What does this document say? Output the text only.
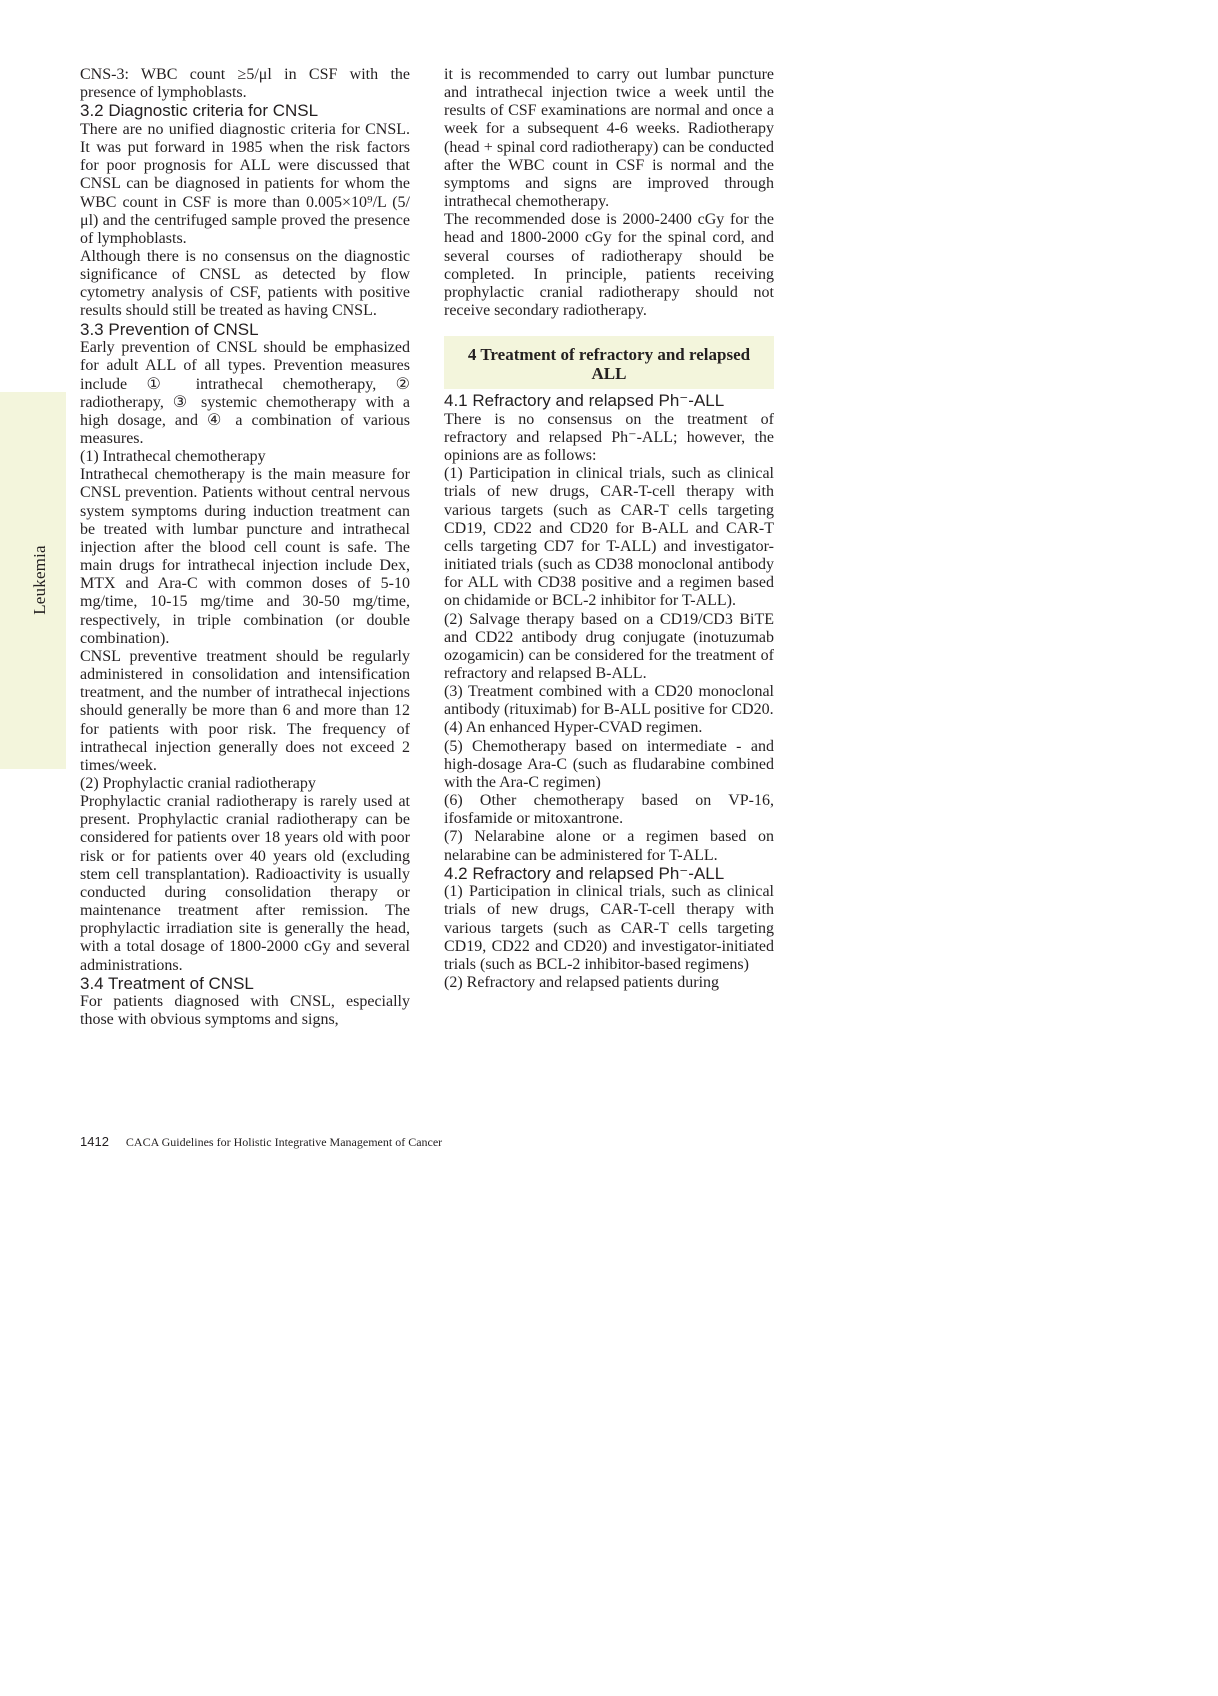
Leukemia

CNS-3: WBC count ≥5/μl in CSF with the presence of lymphoblasts.

3.2 Diagnostic criteria for CNSL

There are no unified diagnostic criteria for CNSL. It was put forward in 1985 when the risk factors for poor prognosis for ALL were discussed that CNSL can be diagnosed in patients for whom the WBC count in CSF is more than 0.005×10⁹/L (5/μl) and the centrifuged sample proved the presence of lymphoblasts.

Although there is no consensus on the diagnostic significance of CNSL as detected by flow cytometry analysis of CSF, patients with positive results should still be treated as having CNSL.

3.3 Prevention of CNSL

Early prevention of CNSL should be emphasized for adult ALL of all types. Prevention measures include ① intrathecal chemotherapy, ② radiotherapy, ③ systemic chemotherapy with a high dosage, and ④ a combination of various measures.

(1) Intrathecal chemotherapy

Intrathecal chemotherapy is the main measure for CNSL prevention. Patients without central nervous system symptoms during induction treatment can be treated with lumbar puncture and intrathecal injection after the blood cell count is safe. The main drugs for intrathecal injection include Dex, MTX and Ara-C with common doses of 5-10 mg/time, 10-15 mg/time and 30-50 mg/time, respectively, in triple combination (or double combination).

CNSL preventive treatment should be regularly administered in consolidation and intensification treatment, and the number of intrathecal injections should generally be more than 6 and more than 12 for patients with poor risk. The frequency of intrathecal injection generally does not exceed 2 times/week.

(2) Prophylactic cranial radiotherapy

Prophylactic cranial radiotherapy is rarely used at present. Prophylactic cranial radiotherapy can be considered for patients over 18 years old with poor risk or for patients over 40 years old (excluding stem cell transplantation). Radioactivity is usually conducted during consolidation therapy or maintenance treatment after remission. The prophylactic irradiation site is generally the head, with a total dosage of 1800-2000 cGy and several administrations.

3.4 Treatment of CNSL

For patients diagnosed with CNSL, especially those with obvious symptoms and signs,

it is recommended to carry out lumbar puncture and intrathecal injection twice a week until the results of CSF examinations are normal and once a week for a subsequent 4-6 weeks. Radiotherapy (head + spinal cord radiotherapy) can be conducted after the WBC count in CSF is normal and the symptoms and signs are improved through intrathecal chemotherapy.

The recommended dose is 2000-2400 cGy for the head and 1800-2000 cGy for the spinal cord, and several courses of radiotherapy should be completed. In principle, patients receiving prophylactic cranial radiotherapy should not receive secondary radiotherapy.

4 Treatment of refractory and relapsed ALL
4.1 Refractory and relapsed Ph⁻-ALL

There is no consensus on the treatment of refractory and relapsed Ph⁻-ALL; however, the opinions are as follows:

(1) Participation in clinical trials, such as clinical trials of new drugs, CAR-T-cell therapy with various targets (such as CAR-T cells targeting CD19, CD22 and CD20 for B-ALL and CAR-T cells targeting CD7 for T-ALL) and investigator-initiated trials (such as CD38 monoclonal antibody for ALL with CD38 positive and a regimen based on chidamide or BCL-2 inhibitor for T-ALL).

(2) Salvage therapy based on a CD19/CD3 BiTE and CD22 antibody drug conjugate (inotuzumab ozogamicin) can be considered for the treatment of refractory and relapsed B-ALL.

(3) Treatment combined with a CD20 monoclonal antibody (rituximab) for B-ALL positive for CD20.

(4) An enhanced Hyper-CVAD regimen.

(5) Chemotherapy based on intermediate - and high-dosage Ara-C (such as fludarabine combined with the Ara-C regimen)

(6) Other chemotherapy based on VP-16, ifosfamide or mitoxantrone.

(7) Nelarabine alone or a regimen based on nelarabine can be administered for T-ALL.

4.2 Refractory and relapsed Ph⁻-ALL

(1) Participation in clinical trials, such as clinical trials of new drugs, CAR-T-cell therapy with various targets (such as CAR-T cells targeting CD19, CD22 and CD20) and investigator-initiated trials (such as BCL-2 inhibitor-based regimens)

(2) Refractory and relapsed patients during

1412 CACA Guidelines for Holistic Integrative Management of Cancer
